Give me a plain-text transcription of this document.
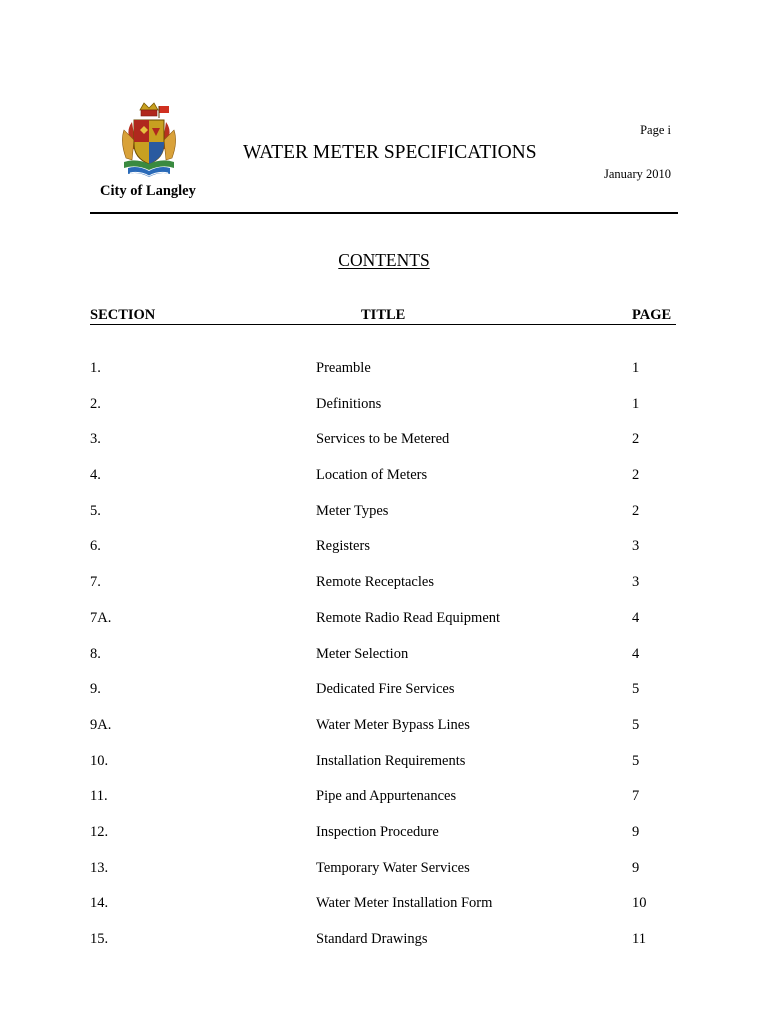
City of Langley
WATER METER SPECIFICATIONS
Page i
January 2010
CONTENTS
SECTION	TITLE	PAGE
1.	Preamble	1
2.	Definitions	1
3.	Services to be Metered	2
4.	Location of Meters	2
5.	Meter Types	2
6.	Registers	3
7.	Remote Receptacles	3
7A.	Remote Radio Read Equipment	4
8.	Meter Selection	4
9.	Dedicated Fire Services	5
9A.	Water Meter Bypass Lines	5
10.	Installation Requirements	5
11.	Pipe and Appurtenances	7
12.	Inspection Procedure	9
13.	Temporary Water Services	9
14.	Water Meter Installation Form	10
15.	Standard Drawings	11
